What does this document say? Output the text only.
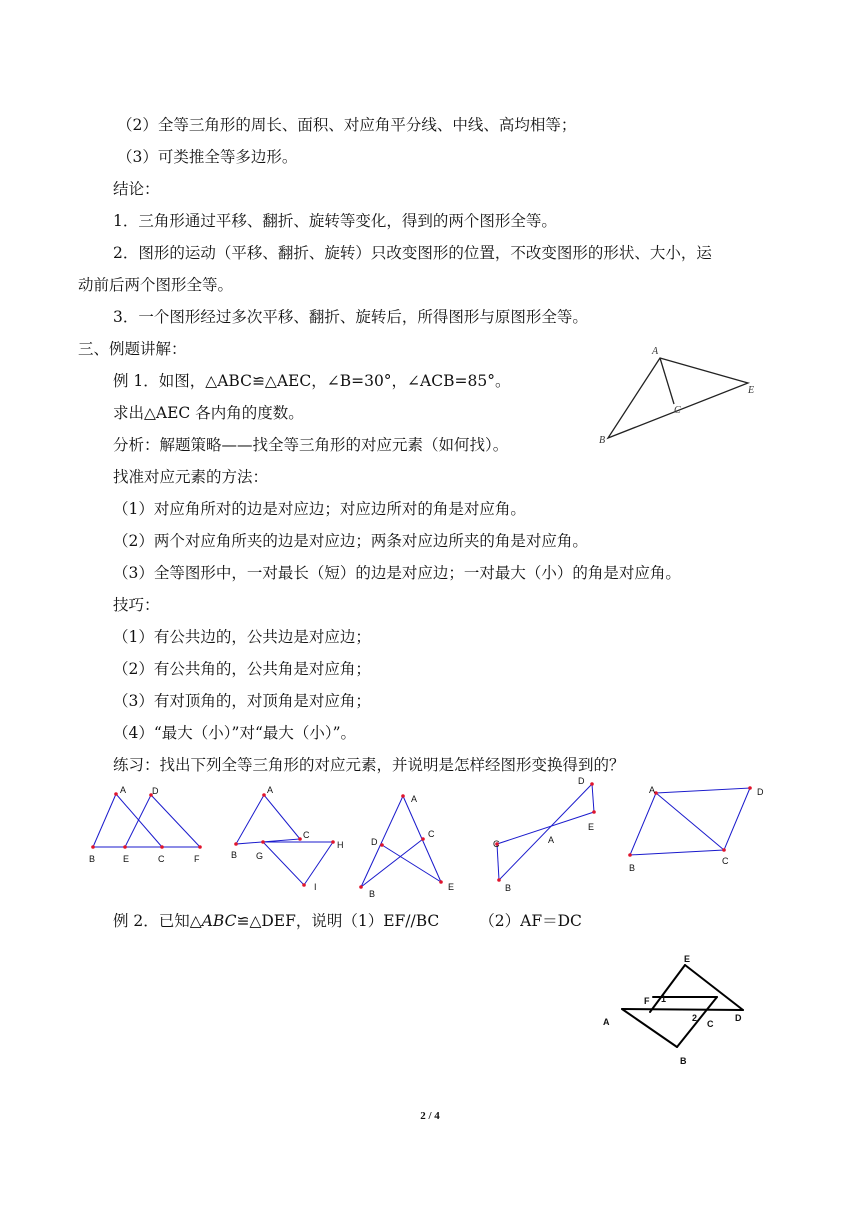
（2）全等三角形的周长、面积、对应角平分线、中线、高均相等；
（3）可类推全等多边形。
结论：
1．三角形通过平移、翻折、旋转等变化，得到的两个图形全等。
2．图形的运动（平移、翻折、旋转）只改变图形的位置，不改变图形的形状、大小，运
动前后两个图形全等。
3．一个图形经过多次平移、翻折、旋转后，所得图形与原图形全等。
三、例题讲解：
例 1．如图，△ABC≌△AEC，∠B=30°，∠ACB=85°。
求出△AEC 各内角的度数。
分析：解题策略——找全等三角形的对应元素（如何找）。
找准对应元素的方法：
（1）对应角所对的边是对应边；对应边所对的角是对应角。
（2）两个对应角所夹的边是对应边；两条对应边所夹的角是对应角。
（3）全等图形中，一对最长（短）的边是对应边；一对最大（小）的角是对应角。
技巧：
（1）有公共边的，公共边是对应边；
（2）有公共角的，公共角是对应角；
（3）有对顶角的，对顶角是对应角；
（4）“最大（小）”对“最大（小）”。
练习：找出下列全等三角形的对应元素，并说明是怎样经图形变换得到的？
例 2．已知△ABC≌△DEF，说明（1）EF//BC	（2）AF＝DC
A
E
C
B
A	D
B	E	C	F
A
C
H
B G
I
A
C
D
B
E
D
E
A
C
B
A	D
B
C
E
F 1
A	2
C
D
B
2 / 4
